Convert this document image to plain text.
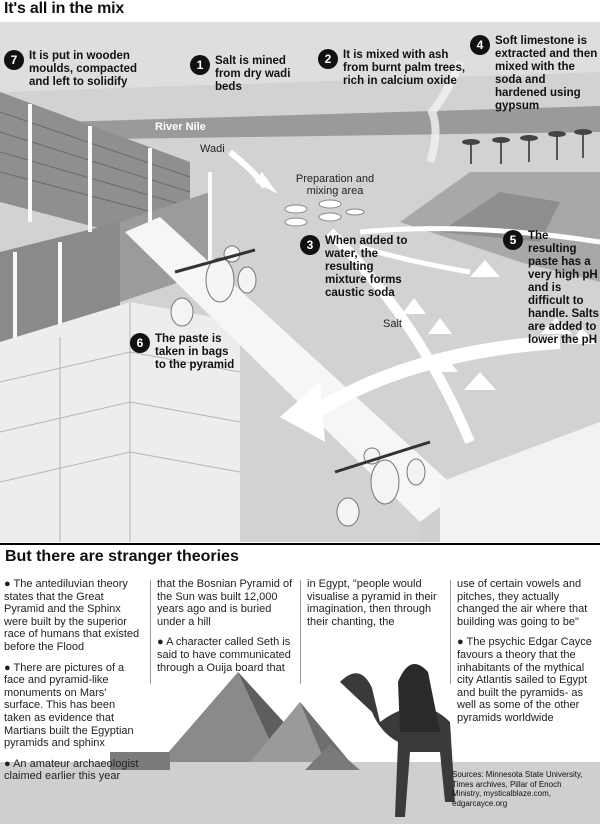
It's all in the mix
River Nile
Wadi
Preparation and mixing area
Salt
1	Salt is mined from dry wadi beds
2	It is mixed with ash from burnt palm trees, rich in calcium oxide
3	When added to water, the resulting mixture forms caustic soda
4	Soft limestone is extracted and then mixed with the soda and hardened using gypsum
5	The resulting paste has a very high pH and is difficult to handle. Salts are added to lower the pH
6	The paste is taken in bags to the pyramid
7	It is put in wooden moulds, compacted and left to solidify
But there are stranger theories

● The antediluvian theory states that the Great Pyramid and the Sphinx were built by the superior race of humans that existed before the Flood

● There are pictures of a face and pyramid-like monuments on Mars' surface. This has been taken as evidence that Martians built the Egyptian pyramids and sphinx

● An amateur archaeologist claimed earlier this year

that the Bosnian Pyramid of the Sun was built 12,000 years ago and is buried under a hill

● A character called Seth is said to have communicated through a Ouija board that

in Egypt, "people would visualise a pyramid in their imagination, then through their chanting, the

use of certain vowels and pitches, they actually changed the air where that building was going to be"

● The psychic Edgar Cayce favours a theory that the inhabitants of the mythical city Atlantis sailed to Egypt and built the pyramids- as well as some of the other pyramids worldwide

Sources: Minnesota State University, Times archives, Pillar of Enoch Ministry, mysticalblaze.com, edgarcayce.org
